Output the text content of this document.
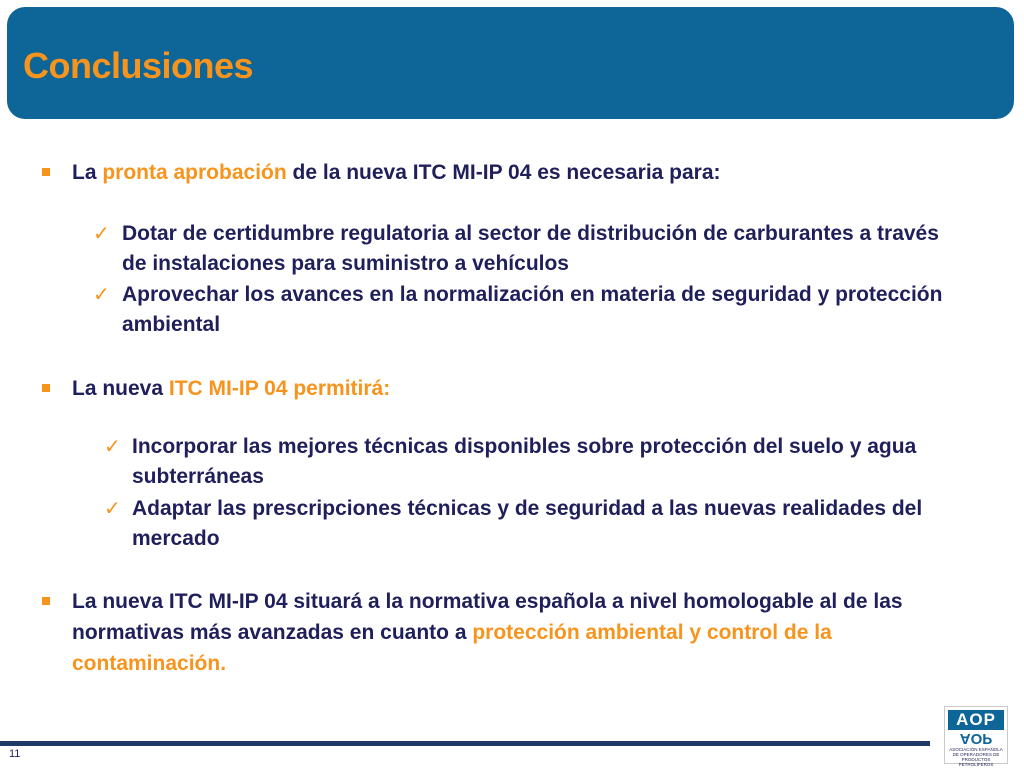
Conclusiones

La pronta aprobación de la nueva ITC MI-IP 04 es necesaria para:

✓ Dotar de certidumbre regulatoria al sector de distribución de carburantes a través

de instalaciones para suministro a vehículos

✓ Aprovechar los avances en la normalización en materia de seguridad y protección

ambiental

La nueva ITC MI-IP 04 permitirá:

✓ Incorporar las mejores técnicas disponibles sobre protección del suelo y agua

subterráneas

✓ Adaptar las prescripciones técnicas y de seguridad a las nuevas realidades del

mercado

La nueva ITC MI-IP 04 situará a la normativa española a nivel homologable al de las

normativas más avanzadas en cuanto a protección ambiental y control de la

contaminación.

11
AOP
AOP
ASOCIACIÓN ESPAÑOLA DE OPERADORES DE PRODUCTOS PETROLÍFEROS
